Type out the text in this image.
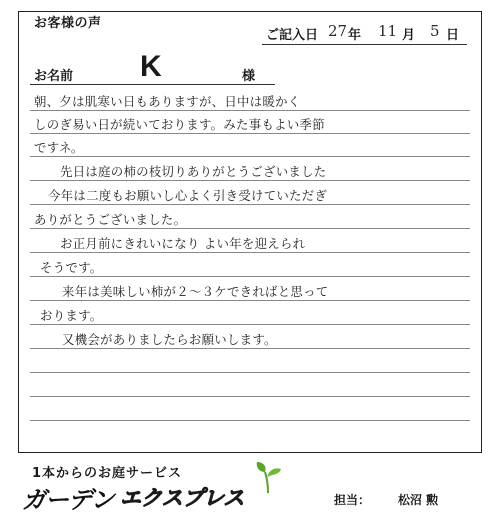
お客様の声
ご記入日 27 年 11 月 5 日
お名前 K	様
朝、夕は肌寒い日もありますが、日中は暖かく
しのぎ易い日が続いております。みた事もよい季節
ですネ。
先日は庭の柿の枝切りありがとうございました
今年は二度もお願いし心よく引き受けていただぎ
ありがとうございました。
お正月前にきれいになり よい年を迎えられ
そうです。
来年は美味しい柿が２〜３ケできればと思って
おります。
又機会がありましたらお願いします。
1本からのお庭サービス
ガーデン エクスプレス	担当： 松沼 勲
